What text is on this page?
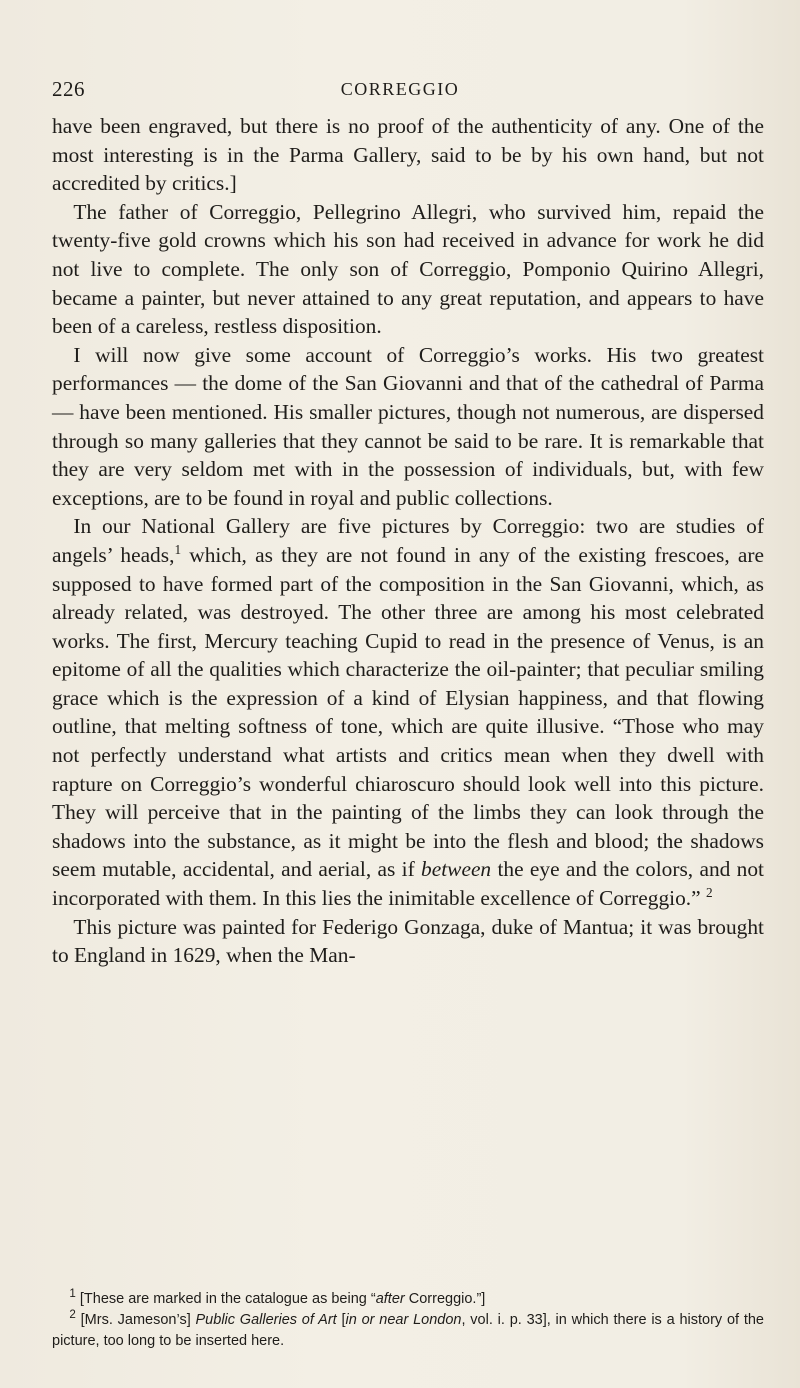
226	CORREGGIO

have been engraved, but there is no proof of the authenticity of any. One of the most interesting is in the Parma Gallery, said to be by his own hand, but not accredited by critics.]

The father of Correggio, Pellegrino Allegri, who survived him, repaid the twenty-five gold crowns which his son had received in advance for work he did not live to complete. The only son of Correggio, Pomponio Quirino Allegri, became a painter, but never attained to any great reputation, and appears to have been of a careless, restless disposition.

I will now give some account of Correggio’s works. His two greatest performances — the dome of the San Giovanni and that of the cathedral of Parma — have been mentioned. His smaller pictures, though not numerous, are dispersed through so many galleries that they cannot be said to be rare. It is remarkable that they are very seldom met with in the possession of individuals, but, with few exceptions, are to be found in royal and public collections.

In our National Gallery are five pictures by Correggio: two are studies of angels’ heads,$^1$ which, as they are not found in any of the existing frescoes, are supposed to have formed part of the composition in the San Giovanni, which, as already related, was destroyed. The other three are among his most celebrated works. The first, Mercury teaching Cupid to read in the presence of Venus, is an epitome of all the qualities which characterize the oil-painter; that peculiar smiling grace which is the expression of a kind of Elysian happiness, and that flowing outline, that melting softness of tone, which are quite illusive. “Those who may not perfectly understand what artists and critics mean when they dwell with rapture on Correggio’s wonderful chiaroscuro should look well into this picture. They will perceive that in the painting of the limbs they can look through the shadows into the substance, as it might be into the flesh and blood; the shadows seem mutable, accidental, and aerial, as if between the eye and the colors, and not incorporated with them. In this lies the inimitable excellence of Correggio.” $^2$

This picture was painted for Federigo Gonzaga, duke of Mantua; it was brought to England in 1629, when the Man-

$^1$ [These are marked in the catalogue as being “after Correggio.”]

$^2$ [Mrs. Jameson’s] Public Galleries of Art [in or near London, vol. i. p. 33], in which there is a history of the picture, too long to be inserted here.
